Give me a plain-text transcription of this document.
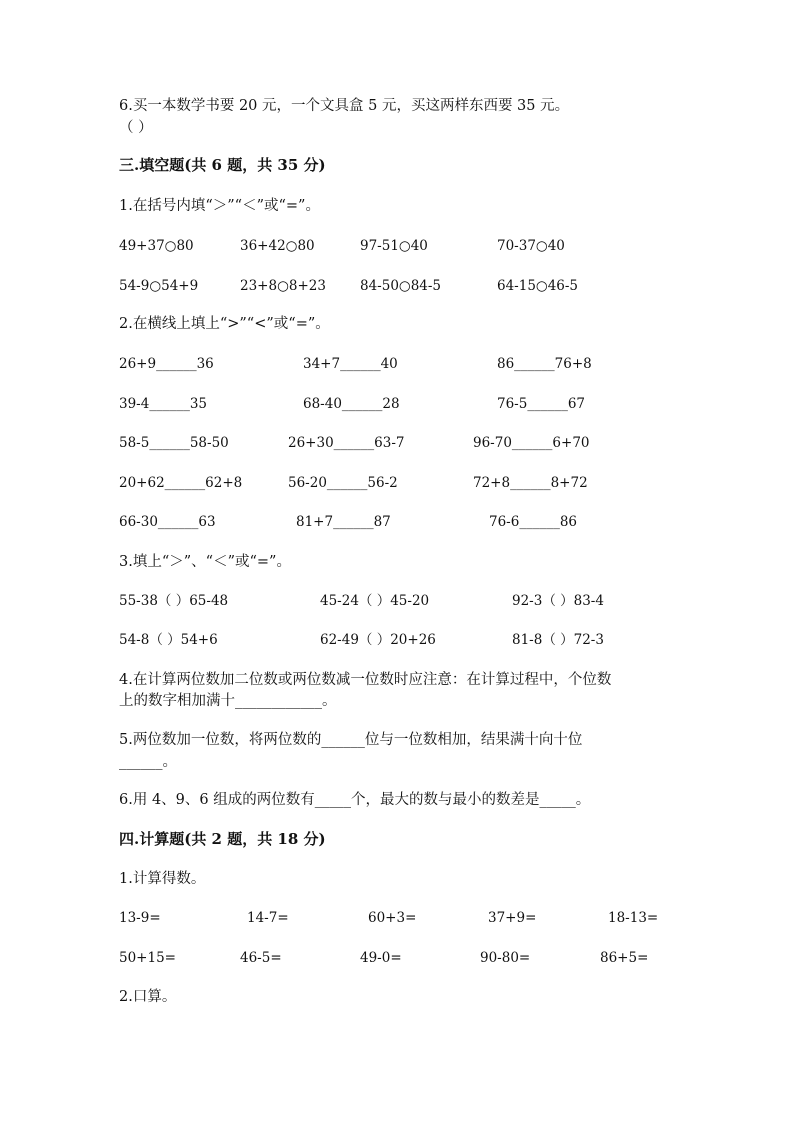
6.买一本数学书要 20 元，一个文具盒 5 元，买这两样东西要 35 元。
（ ）
三.填空题(共 6 题，共 35 分)
1.在括号内填“＞”“＜”或“=”。
49+37○80	36+42○80	97-51○40	70-37○40
54-9○54+9	23+8○8+23	84-50○84-5	64-15○46-5
2.在横线上填上“>”“<”或“=”。
26+9______36	34+7______40	86______76+8
39-4______35	68-40______28	76-5______67
58-5______58-50	26+30______63-7	96-70______6+70
20+62______62+8	56-20______56-2	72+8______8+72
66-30______63	81+7______87	76-6______86
3.填上“＞”、“＜”或“=”。
55-38（ ）65-48	45-24（ ）45-20	92-3（ ）83-4
54-8（ ）54+6	62-49（ ）20+26	81-8（ ）72-3
4.在计算两位数加二位数或两位数减一位数时应注意：在计算过程中，个位数
上的数字相加满十____________。
5.两位数加一位数，将两位数的______位与一位数相加，结果满十向十位
______。
6.用 4、9、6 组成的两位数有_____个，最大的数与最小的数差是_____。
四.计算题(共 2 题，共 18 分)
1.计算得数。
13-9=	14-7=	60+3=	37+9=	18-13=
50+15=	46-5=	49-0=	90-80=	86+5=
2.口算。
